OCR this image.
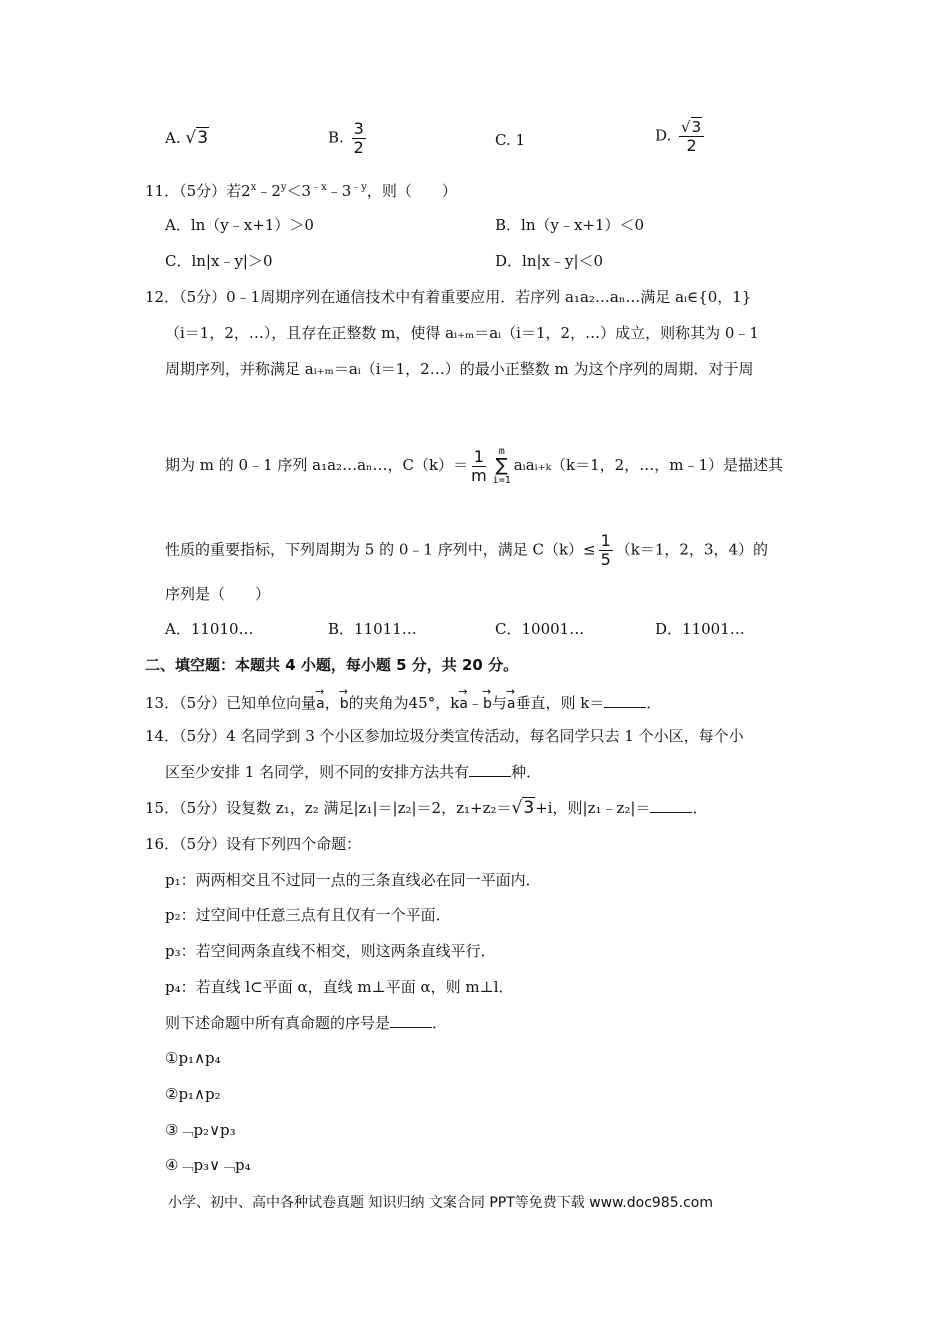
A. √3	B. $\frac{3}{2}$	C. 1	D. $\frac{√3}{2}$
11．（5分）若$2^x﹣2^y<3^{﹣x}﹣3^{﹣y}$，则（　　）
A．ln（y﹣x+1）＞0	B．ln（y﹣x+1）＜0
C．ln|x﹣y|＞0	D．ln|x﹣y|＜0
12．（5分）0﹣1周期序列在通信技术中有着重要应用．若序列 a₁a₂…aₙ…满足 aᵢ∈{0，1}
（i＝1，2，…），且存在正整数 m，使得 aᵢ₊ₘ＝aᵢ（i＝1，2，…）成立，则称其为 0﹣1
周期序列，并称满足 aᵢ₊ₘ＝aᵢ（i＝1，2…）的最小正整数 m 为这个序列的周期．对于周
期为 m 的 0﹣1 序列 a₁a₂…aₙ…，$C(k)= \frac{1}{m}$ m
∑
i=1
aᵢaᵢ₊ₖ（k＝1，2，…，m﹣1）是描述其
性质的重要指标，下列周期为 5 的 0﹣1 序列中，满足 $C(k)\le \frac{1}{5} (k=1$，2，3，4）的
序列是（　　）
A．11010…	B．11011…	C．10001…	D．11001…
二、填空题：本题共 4 小题，每小题 5 分，共 20 分。
13．（5分）已知单位向量→ a，→ b的夹角为45°，k→ a﹣→ b与→ a垂直，则 k＝	．
14．（5分）4 名同学到 3 个小区参加垃圾分类宣传活动，每名同学只去 1 个小区，每个小
区至少安排 1 名同学，则不同的安排方法共有	种．
15．（5分）设复数 z₁，z₂ 满足|z₁|＝|z₂|＝2，z₁+z₂＝√3+i，则|z₁﹣z₂|＝	．
16．（5分）设有下列四个命题：
p₁：两两相交且不过同一点的三条直线必在同一平面内．
p₂：过空间中任意三点有且仅有一个平面．
p₃：若空间两条直线不相交，则这两条直线平行．
p₄：若直线 l⊂平面 α，直线 m⊥平面 α，则 m⊥l．
则下述命题中所有真命题的序号是	．
①p₁∧p₄
②p₁∧p₂
③﹁p₂∨p₃
④﹁p₃∨﹁p₄
小学、初中、高中各种试卷真题 知识归纳 文案合同 PPT等免费下载 www.doc985.com
